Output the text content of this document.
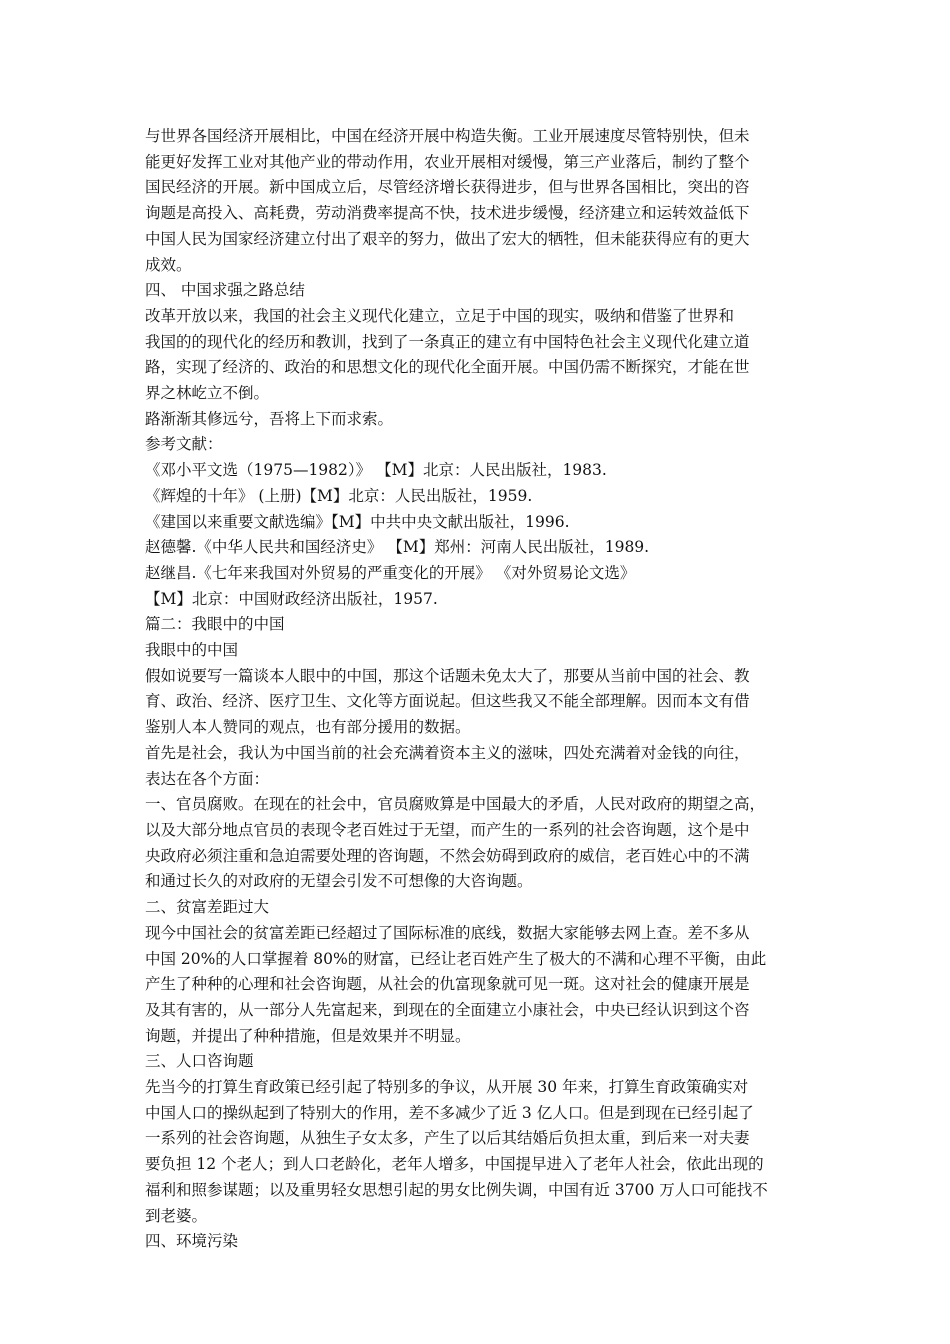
与世界各国经济开展相比，中国在经济开展中构造失衡。工业开展速度尽管特别快，但未

能更好发挥工业对其他产业的带动作用，农业开展相对缓慢，第三产业落后，制约了整个

国民经济的开展。新中国成立后，尽管经济增长获得进步，但与世界各国相比，突出的咨

询题是高投入、高耗费，劳动消费率提高不快，技术进步缓慢，经济建立和运转效益低下

中国人民为国家经济建立付出了艰辛的努力，做出了宏大的牺牲，但未能获得应有的更大

成效。

四、 中国求强之路总结

改革开放以来，我国的社会主义现代化建立，立足于中国的现实，吸纳和借鉴了世界和

我国的的现代化的经历和教训，找到了一条真正的建立有中国特色社会主义现代化建立道

路，实现了经济的、政治的和思想文化的现代化全面开展。中国仍需不断探究，才能在世

界之林屹立不倒。

路渐渐其修远兮，吾将上下而求索。

参考文献：

《邓小平文选（1975—1982）》 【M】北京：人民出版社，1983.

《辉煌的十年》 (上册)【M】北京：人民出版社，1959.

《建国以来重要文献选编》【M】中共中央文献出版社，1996.

赵德馨.《中华人民共和国经济史》 【M】郑州：河南人民出版社，1989.

赵继昌.《七年来我国对外贸易的严重变化的开展》 《对外贸易论文选》

【M】北京：中国财政经济出版社，1957.

篇二：我眼中的中国

我眼中的中国

假如说要写一篇谈本人眼中的中国，那这个话题未免太大了，那要从当前中国的社会、教

育、政治、经济、医疗卫生、文化等方面说起。但这些我又不能全部理解。因而本文有借

鉴别人本人赞同的观点，也有部分援用的数据。

首先是社会，我认为中国当前的社会充满着资本主义的滋味，四处充满着对金钱的向往，

表达在各个方面：

一、官员腐败。在现在的社会中，官员腐败算是中国最大的矛盾，人民对政府的期望之高，

以及大部分地点官员的表现令老百姓过于无望，而产生的一系列的社会咨询题，这个是中

央政府必须注重和急迫需要处理的咨询题，不然会妨碍到政府的威信，老百姓心中的不满

和通过长久的对政府的无望会引发不可想像的大咨询题。

二、贫富差距过大

现今中国社会的贫富差距已经超过了国际标准的底线，数据大家能够去网上查。差不多从

中国 20%的人口掌握着 80%的财富，已经让老百姓产生了极大的不满和心理不平衡，由此

产生了种种的心理和社会咨询题，从社会的仇富现象就可见一斑。这对社会的健康开展是

及其有害的，从一部分人先富起来，到现在的全面建立小康社会，中央已经认识到这个咨

询题，并提出了种种措施，但是效果并不明显。

三、人口咨询题

先当今的打算生育政策已经引起了特别多的争议，从开展 30 年来，打算生育政策确实对

中国人口的操纵起到了特别大的作用，差不多减少了近 3 亿人口。但是到现在已经引起了

一系列的社会咨询题，从独生子女太多，产生了以后其结婚后负担太重，到后来一对夫妻

要负担 12 个老人；到人口老龄化，老年人增多，中国提早进入了老年人社会，依此出现的

福利和照参谋题；以及重男轻女思想引起的男女比例失调，中国有近 3700 万人口可能找不

到老婆。

四、环境污染
